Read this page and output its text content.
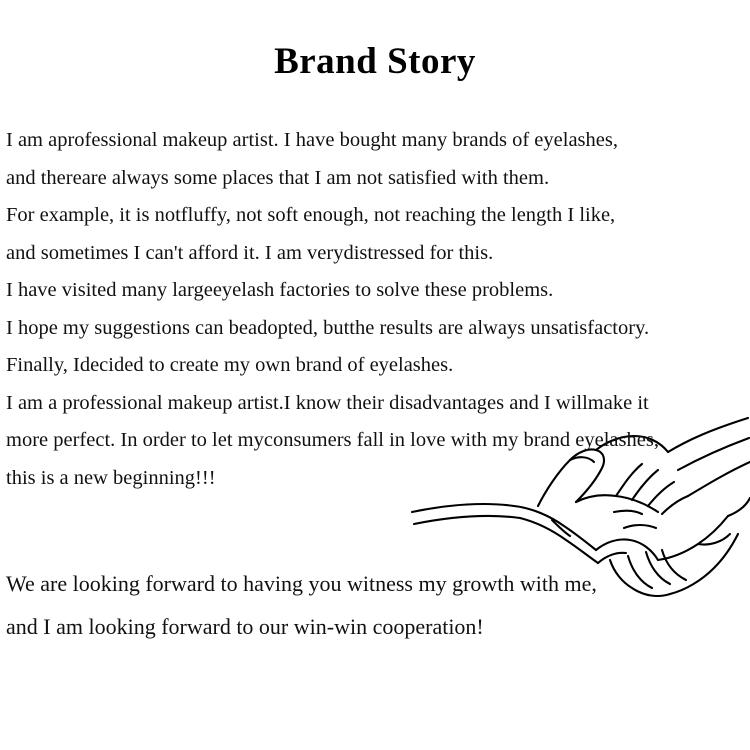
Brand Story

I am aprofessional makeup artist. I have bought many brands of eyelashes,

and thereare always some places that I am not satisfied with them.

For example, it is notfluffy, not soft enough, not reaching the length I like,

and sometimes I can't afford it. I am verydistressed for this.

I have visited many largeeyelash factories to solve these problems.

I hope my suggestions can beadopted, butthe results are always unsatisfactory.

Finally, Idecided to create my own brand of eyelashes.

I am a professional makeup artist.I know their disadvantages and I willmake it

more perfect. In order to let myconsumers fall in love with my brand eyelashes,

this is a new beginning!!!

We are looking forward to having you witness my growth with me,

and I am looking forward to our win-win cooperation!
